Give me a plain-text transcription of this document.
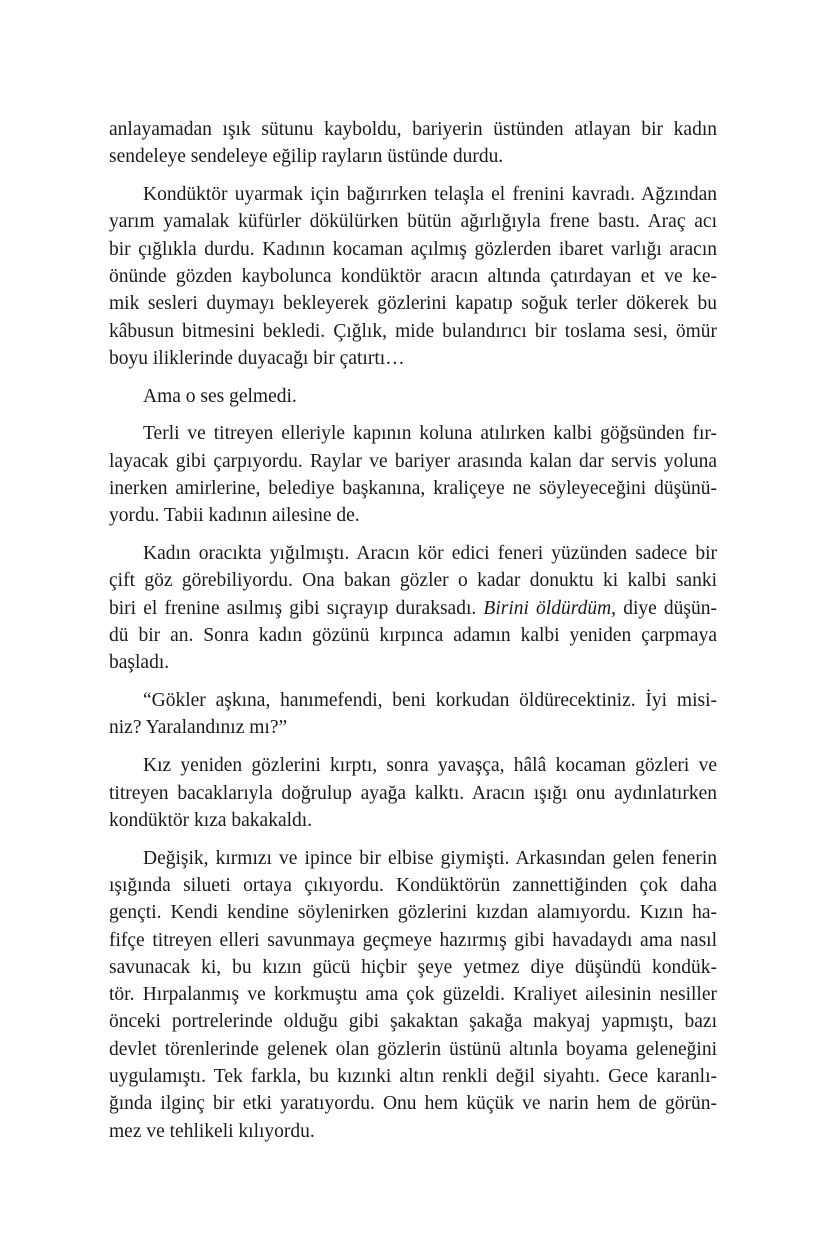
anlayamadan ışık sütunu kayboldu, bariyerin üstünden atlayan bir kadın
sendeleye sendeleye eğilip rayların üstünde durdu.
Kondüktör uyarmak için bağırırken telaşla el frenini kavradı. Ağzından
yarım yamalak küfürler dökülürken bütün ağırlığıyla frene bastı. Araç acı
bir çığlıkla durdu. Kadının kocaman açılmış gözlerden ibaret varlığı aracın
önünde gözden kaybolunca kondüktör aracın altında çatırdayan et ve ke-
mik sesleri duymayı bekleyerek gözlerini kapatıp soğuk terler dökerek bu
kâbusun bitmesini bekledi. Çığlık, mide bulandırıcı bir toslama sesi, ömür
boyu iliklerinde duyacağı bir çatırtı…
Ama o ses gelmedi.
Terli ve titreyen elleriyle kapının koluna atılırken kalbi göğsünden fır-
layacak gibi çarpıyordu. Raylar ve bariyer arasında kalan dar servis yoluna
inerken amirlerine, belediye başkanına, kraliçeye ne söyleyeceğini düşünü-
yordu. Tabii kadının ailesine de.
Kadın oracıkta yığılmıştı. Aracın kör edici feneri yüzünden sadece bir
çift göz görebiliyordu. Ona bakan gözler o kadar donuktu ki kalbi sanki
biri el frenine asılmış gibi sıçrayıp duraksadı. Birini öldürdüm, diye düşün-
dü bir an. Sonra kadın gözünü kırpınca adamın kalbi yeniden çarpmaya
başladı.
“Gökler aşkına, hanımefendi, beni korkudan öldürecektiniz. İyi misi-
niz? Yaralandınız mı?”
Kız yeniden gözlerini kırptı, sonra yavaşça, hâlâ kocaman gözleri ve
titreyen bacaklarıyla doğrulup ayağa kalktı. Aracın ışığı onu aydınlatırken
kondüktör kıza bakakaldı.
Değişik, kırmızı ve ipince bir elbise giymişti. Arkasından gelen fenerin
ışığında silueti ortaya çıkıyordu. Kondüktörün zannettiğinden çok daha
gençti. Kendi kendine söylenirken gözlerini kızdan alamıyordu. Kızın ha-
fifçe titreyen elleri savunmaya geçmeye hazırmış gibi havadaydı ama nasıl
savunacak ki, bu kızın gücü hiçbir şeye yetmez diye düşündü kondük-
tör. Hırpalanmış ve korkmuştu ama çok güzeldi. Kraliyet ailesinin nesiller
önceki portrelerinde olduğu gibi şakaktan şakağa makyaj yapmıştı, bazı
devlet törenlerinde gelenek olan gözlerin üstünü altınla boyama geleneğini
uygulamıştı. Tek farkla, bu kızınki altın renkli değil siyahtı. Gece karanlı-
ğında ilginç bir etki yaratıyordu. Onu hem küçük ve narin hem de görün-
mez ve tehlikeli kılıyordu.
